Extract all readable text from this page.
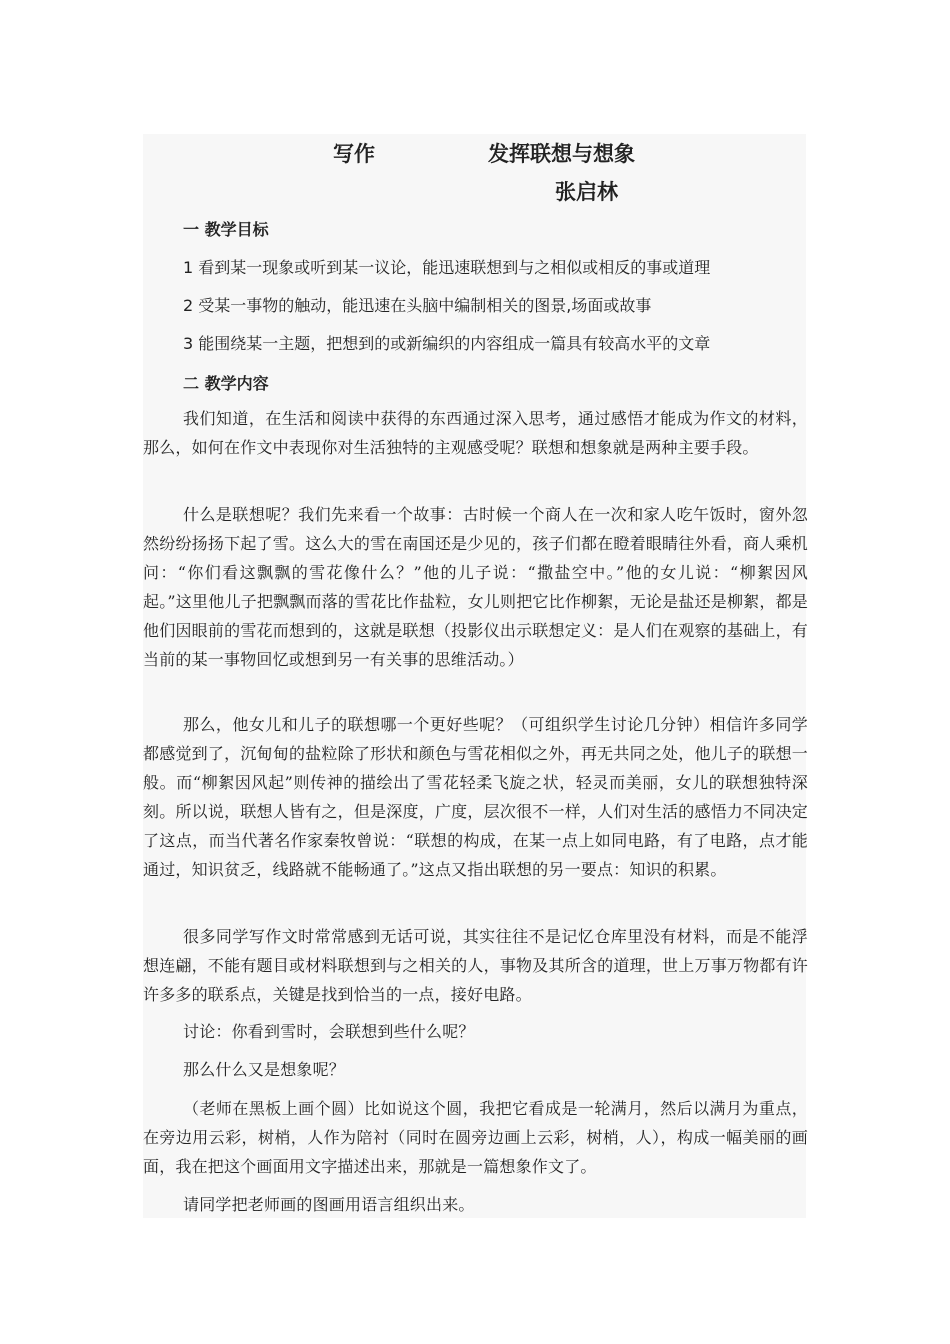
写作	发挥联想与想象
张启林
一 教学目标
1 看到某一现象或听到某一议论，能迅速联想到与之相似或相反的事或道理
2 受某一事物的触动，能迅速在头脑中编制相关的图景,场面或故事
3 能围绕某一主题，把想到的或新编织的内容组成一篇具有较高水平的文章
二 教学内容

我们知道，在生活和阅读中获得的东西通过深入思考，通过感悟才能成为作文的材料，那么，如何在作文中表现你对生活独特的主观感受呢？联想和想象就是两种主要手段。

什么是联想呢？我们先来看一个故事：古时候一个商人在一次和家人吃午饭时，窗外忽然纷纷扬扬下起了雪。这么大的雪在南国还是少见的，孩子们都在瞪着眼睛往外看，商人乘机问：“你们看这飘飘的雪花像什么？”他的儿子说：“撒盐空中。”他的女儿说：“柳絮因风起。”这里他儿子把飘飘而落的雪花比作盐粒，女儿则把它比作柳絮，无论是盐还是柳絮，都是他们因眼前的雪花而想到的，这就是联想（投影仪出示联想定义：是人们在观察的基础上，有当前的某一事物回忆或想到另一有关事的思维活动。）

那么，他女儿和儿子的联想哪一个更好些呢？（可组织学生讨论几分钟）相信许多同学都感觉到了，沉甸甸的盐粒除了形状和颜色与雪花相似之外，再无共同之处，他儿子的联想一般。而“柳絮因风起”则传神的描绘出了雪花轻柔飞旋之状，轻灵而美丽，女儿的联想独特深刻。所以说，联想人皆有之，但是深度，广度，层次很不一样，人们对生活的感悟力不同决定了这点，而当代著名作家秦牧曾说：“联想的构成，在某一点上如同电路，有了电路，点才能通过，知识贫乏，线路就不能畅通了。”这点又指出联想的另一要点：知识的积累。

很多同学写作文时常常感到无话可说，其实往往不是记忆仓库里没有材料，而是不能浮想连翩，不能有题目或材料联想到与之相关的人，事物及其所含的道理，世上万事万物都有许许多多的联系点，关键是找到恰当的一点，接好电路。

讨论：你看到雪时，会联想到些什么呢？

那么什么又是想象呢？

（老师在黑板上画个圆）比如说这个圆，我把它看成是一轮满月，然后以满月为重点，在旁边用云彩，树梢，人作为陪衬（同时在圆旁边画上云彩，树梢，人），构成一幅美丽的画面，我在把这个画面用文字描述出来，那就是一篇想象作文了。

请同学把老师画的图画用语言组织出来。
